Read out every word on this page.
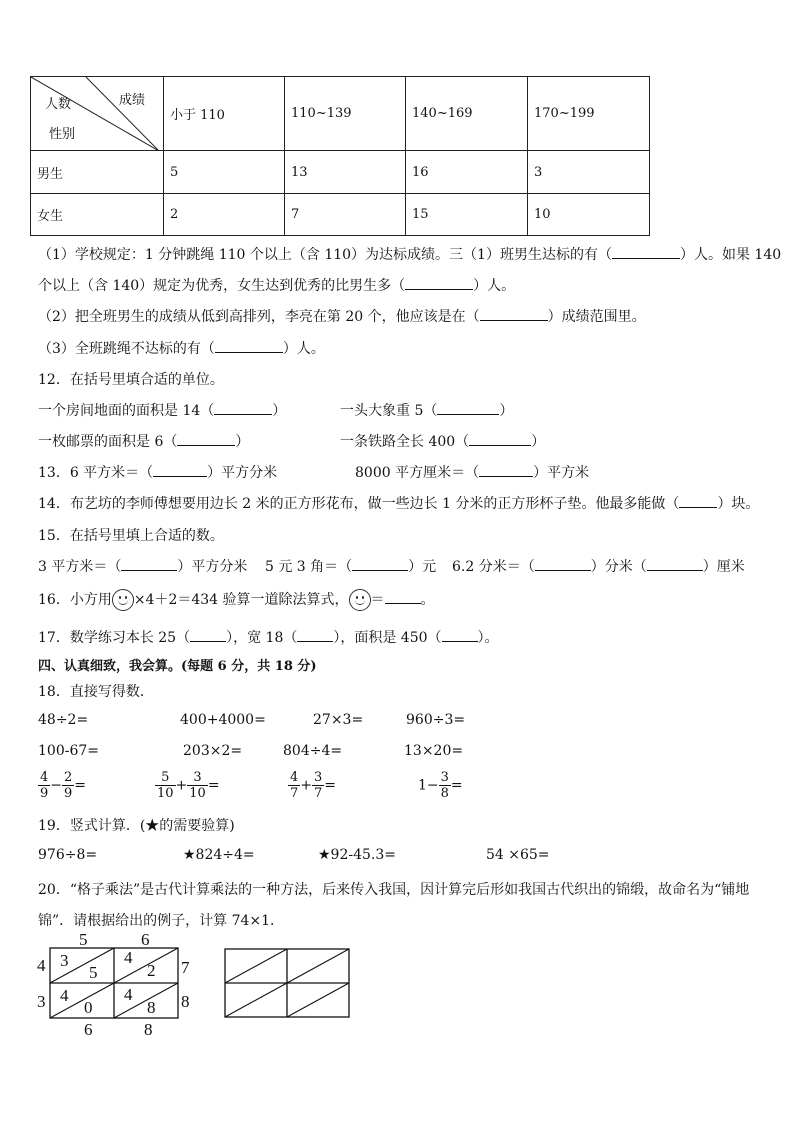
成绩
人数
性别	小于 110	110~139	140~169	170~199
男生	5	13	16	3
女生	2	7	15	10
（1）学校规定：1 分钟跳绳 110 个以上（含 110）为达标成绩。三（1）班男生达标的有（	）人。如果 140
个以上（含 140）规定为优秀，女生达到优秀的比男生多（	）人。
（2）把全班男生的成绩从低到高排列，李亮在第 20 个，他应该是在（	）成绩范围里。
（3）全班跳绳不达标的有（	）人。
12．在括号里填合适的单位。
一个房间地面的面积是 14（	）	一头大象重 5（	）
一枚邮票的面积是 6（	）	一条铁路全长 400（	）
13．6 平方米＝（	）平方分米	8000 平方厘米＝（	）平方米
14．布艺坊的李师傅想要用边长 2 米的正方形花布，做一些边长 1 分米的正方形杯子垫。他最多能做（	）块。
15．在括号里填上合适的数。
3 平方米＝（	）平方分米 5 元 3 角＝（	）元 6.2 分米＝（	）分米（	）厘米
16．小方用 ×4＋2＝434 验算一道除法算式， ＝	。
17．数学练习本长 25（	），宽 18（	），面积是 450（	）。
四、认真细致，我会算。(每题 6 分，共 18 分)
18．直接写得数．
48÷2=	400+4000=	27×3=	960÷3=
100-67=	203×2=	804÷4=	13×20=
$\frac{4}{9} - \frac{2}{9}$ =	$\frac{5}{10} + \frac{3}{10}$ =	$\frac{4}{7} + \frac{3}{7}$ =	$1- \frac{3}{8}$ =
19．竖式计算．(★的需要验算)
976÷8=	★824÷4=	★92-45.3=	54 ×65=
20．“格子乘法”是古代计算乘法的一种方法，后来传入我国，因计算完后形如我国古代织出的锦缎，故命名为“铺地
锦”．请根据给出的例子，计算 74×1．
5	6
4
3
7
8
3
5
4
2
4
0
4
8
6	8
